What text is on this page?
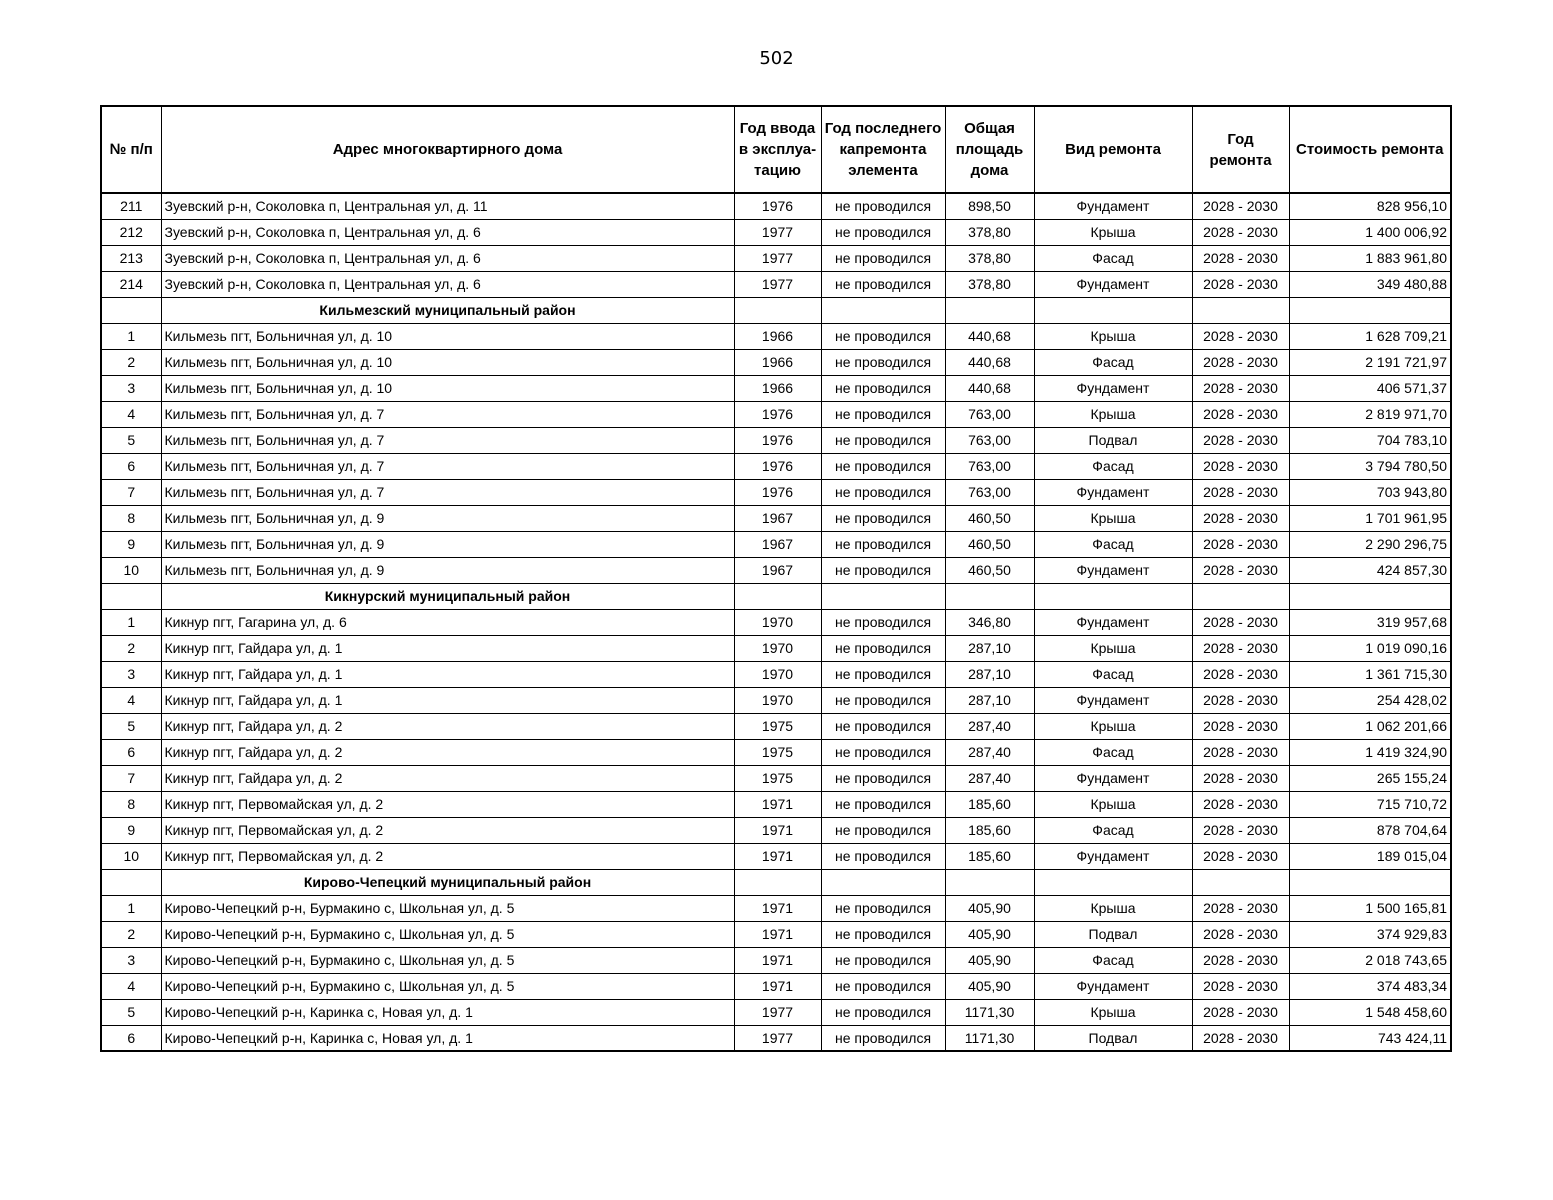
502
№ п/п	Адрес многоквартирного дома	Год ввода в эксплуа-тацию	Год последнего капремонта элемента	Общая площадь дома	Вид ремонта	Год ремонта	Стоимость ремонта
211	Зуевский р-н, Соколовка п, Центральная ул, д. 11	1976	не проводился	898,50	Фундамент	2028 - 2030	828 956,10
212	Зуевский р-н, Соколовка п, Центральная ул, д. 6	1977	не проводился	378,80	Крыша	2028 - 2030	1 400 006,92
213	Зуевский р-н, Соколовка п, Центральная ул, д. 6	1977	не проводился	378,80	Фасад	2028 - 2030	1 883 961,80
214	Зуевский р-н, Соколовка п, Центральная ул, д. 6	1977	не проводился	378,80	Фундамент	2028 - 2030	349 480,88
	Кильмезский муниципальный район						
1	Кильмезь пгт, Больничная ул, д. 10	1966	не проводился	440,68	Крыша	2028 - 2030	1 628 709,21
2	Кильмезь пгт, Больничная ул, д. 10	1966	не проводился	440,68	Фасад	2028 - 2030	2 191 721,97
3	Кильмезь пгт, Больничная ул, д. 10	1966	не проводился	440,68	Фундамент	2028 - 2030	406 571,37
4	Кильмезь пгт, Больничная ул, д. 7	1976	не проводился	763,00	Крыша	2028 - 2030	2 819 971,70
5	Кильмезь пгт, Больничная ул, д. 7	1976	не проводился	763,00	Подвал	2028 - 2030	704 783,10
6	Кильмезь пгт, Больничная ул, д. 7	1976	не проводился	763,00	Фасад	2028 - 2030	3 794 780,50
7	Кильмезь пгт, Больничная ул, д. 7	1976	не проводился	763,00	Фундамент	2028 - 2030	703 943,80
8	Кильмезь пгт, Больничная ул, д. 9	1967	не проводился	460,50	Крыша	2028 - 2030	1 701 961,95
9	Кильмезь пгт, Больничная ул, д. 9	1967	не проводился	460,50	Фасад	2028 - 2030	2 290 296,75
10	Кильмезь пгт, Больничная ул, д. 9	1967	не проводился	460,50	Фундамент	2028 - 2030	424 857,30
	Кикнурский муниципальный район						
1	Кикнур пгт, Гагарина ул, д. 6	1970	не проводился	346,80	Фундамент	2028 - 2030	319 957,68
2	Кикнур пгт, Гайдара ул, д. 1	1970	не проводился	287,10	Крыша	2028 - 2030	1 019 090,16
3	Кикнур пгт, Гайдара ул, д. 1	1970	не проводился	287,10	Фасад	2028 - 2030	1 361 715,30
4	Кикнур пгт, Гайдара ул, д. 1	1970	не проводился	287,10	Фундамент	2028 - 2030	254 428,02
5	Кикнур пгт, Гайдара ул, д. 2	1975	не проводился	287,40	Крыша	2028 - 2030	1 062 201,66
6	Кикнур пгт, Гайдара ул, д. 2	1975	не проводился	287,40	Фасад	2028 - 2030	1 419 324,90
7	Кикнур пгт, Гайдара ул, д. 2	1975	не проводился	287,40	Фундамент	2028 - 2030	265 155,24
8	Кикнур пгт, Первомайская ул, д. 2	1971	не проводился	185,60	Крыша	2028 - 2030	715 710,72
9	Кикнур пгт, Первомайская ул, д. 2	1971	не проводился	185,60	Фасад	2028 - 2030	878 704,64
10	Кикнур пгт, Первомайская ул, д. 2	1971	не проводился	185,60	Фундамент	2028 - 2030	189 015,04
	Кирово-Чепецкий муниципальный район						
1	Кирово-Чепецкий р-н, Бурмакино с, Школьная ул, д. 5	1971	не проводился	405,90	Крыша	2028 - 2030	1 500 165,81
2	Кирово-Чепецкий р-н, Бурмакино с, Школьная ул, д. 5	1971	не проводился	405,90	Подвал	2028 - 2030	374 929,83
3	Кирово-Чепецкий р-н, Бурмакино с, Школьная ул, д. 5	1971	не проводился	405,90	Фасад	2028 - 2030	2 018 743,65
4	Кирово-Чепецкий р-н, Бурмакино с, Школьная ул, д. 5	1971	не проводился	405,90	Фундамент	2028 - 2030	374 483,34
5	Кирово-Чепецкий р-н, Каринка с, Новая ул, д. 1	1977	не проводился	1171,30	Крыша	2028 - 2030	1 548 458,60
6	Кирово-Чепецкий р-н, Каринка с, Новая ул, д. 1	1977	не проводился	1171,30	Подвал	2028 - 2030	743 424,11
